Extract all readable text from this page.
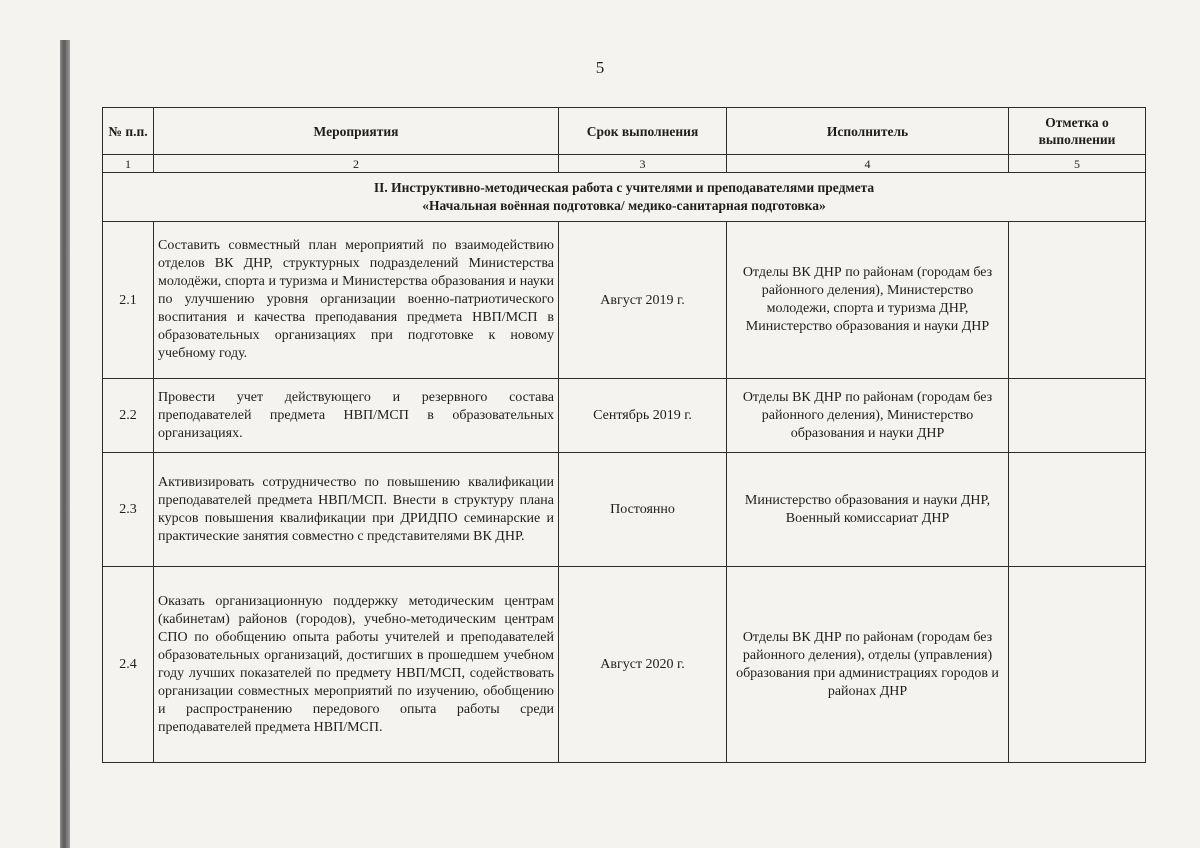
5
№ п.п.	Мероприятия	Срок выполнения	Исполнитель	Отметка о выполнении
1	2	3	4	5

II. Инструктивно-методическая работа с учителями и преподавателями предмета
«Начальная воённая подготовка/ медико-санитарная подготовка»				

2.1	Составить совместный план мероприятий по взаимодействию отделов ВК ДНР, структурных подразделений Министерства молодёжи, спорта и туризма и Министерства образования и науки по улучшению уровня организации военно-патриотического воспитания и качества преподавания предмета НВП/МСП в образовательных организациях при подготовке к новому учебному году.	Август 2019 г.	Отделы ВК ДНР по районам (городам без районного деления), Министерство молодежи, спорта и туризма ДНР, Министерство образования и науки ДНР	
2.2	Провести учет действующего и резервного состава преподавателей предмета НВП/МСП в образовательных организациях.	Сентябрь 2019 г.	Отделы ВК ДНР по районам (городам без районного деления), Министерство образования и науки ДНР	
2.3	Активизировать сотрудничество по повышению квалификации преподавателей предмета НВП/МСП. Внести в структуру плана курсов повышения квалификации при ДРИДПО семинарские и практические занятия совместно с представителями ВК ДНР.	Постоянно	Министерство образования и науки ДНР, Военный комиссариат ДНР	
2.4	Оказать организационную поддержку методическим центрам (кабинетам) районов (городов), учебно-методическим центрам СПО по обобщению опыта работы учителей и преподавателей образовательных организаций, достигших в прошедшем учебном году лучших показателей по предмету НВП/МСП, содействовать организации совместных мероприятий по изучению, обобщению и распространению передового опыта работы среди преподавателей предмета НВП/МСП.	Август 2020 г.	Отделы ВК ДНР по районам (городам без районного деления), отделы (управления) образования при администрациях городов и районах ДНР	
